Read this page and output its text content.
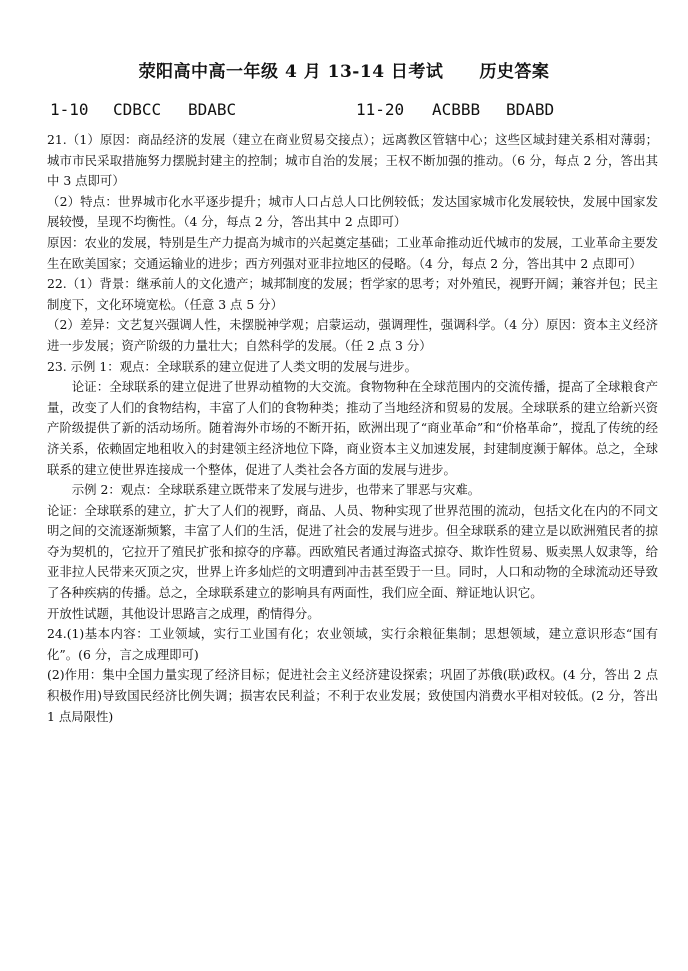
荥阳高中高一年级 4 月 13-14 日考试 历史答案
1-10 CDBCC BDABC	11-20 ACBBB BDABD

21.（1）原因：商品经济的发展（建立在商业贸易交接点）；远离教区管辖中心；这些区域封建关系相对薄弱；城市市民采取措施努力摆脱封建主的控制；城市自治的发展；王权不断加强的推动。（6 分，每点 2 分，答出其中 3 点即可）

（2）特点：世界城市化水平逐步提升；城市人口占总人口比例较低；发达国家城市化发展较快，发展中国家发展较慢，呈现不均衡性。（4 分，每点 2 分，答出其中 2 点即可）

原因：农业的发展，特别是生产力提高为城市的兴起奠定基础；工业革命推动近代城市的发展，工业革命主要发生在欧美国家；交通运输业的进步；西方列强对亚非拉地区的侵略。（4 分，每点 2 分，答出其中 2 点即可）

22.（1）背景：继承前人的文化遗产；城邦制度的发展；哲学家的思考；对外殖民，视野开阔；兼容并包；民主制度下，文化环境宽松。（任意 3 点 5 分）

（2）差异：文艺复兴强调人性，未摆脱神学观；启蒙运动，强调理性，强调科学。（4 分）原因：资本主义经济进一步发展；资产阶级的力量壮大；自然科学的发展。（任 2 点 3 分）

23. 示例 1：观点：全球联系的建立促进了人类文明的发展与进步。

论证：全球联系的建立促进了世界动植物的大交流。食物物种在全球范围内的交流传播，提高了全球粮食产量，改变了人们的食物结构，丰富了人们的食物种类；推动了当地经济和贸易的发展。全球联系的建立给新兴资产阶级提供了新的活动场所。随着海外市场的不断开拓，欧洲出现了“商业革命”和“价格革命”，搅乱了传统的经济关系，依赖固定地租收入的封建领主经济地位下降，商业资本主义加速发展，封建制度濒于解体。总之，全球联系的建立使世界连接成一个整体，促进了人类社会各方面的发展与进步。

示例 2：观点：全球联系建立既带来了发展与进步，也带来了罪恶与灾难。

论证：全球联系的建立，扩大了人们的视野，商品、人员、物种实现了世界范围的流动，包括文化在内的不同文明之间的交流逐渐频繁，丰富了人们的生活，促进了社会的发展与进步。但全球联系的建立是以欧洲殖民者的掠夺为契机的，它拉开了殖民扩张和掠夺的序幕。西欧殖民者通过海盗式掠夺、欺诈性贸易、贩卖黑人奴隶等，给亚非拉人民带来灭顶之灾，世界上许多灿烂的文明遭到冲击甚至毁于一旦。同时，人口和动物的全球流动还导致了各种疾病的传播。总之，全球联系建立的影响具有两面性，我们应全面、辩证地认识它。

开放性试题，其他设计思路言之成理，酌情得分。

24.(1)基本内容：工业领域，实行工业国有化；农业领域，实行余粮征集制；思想领域，建立意识形态“国有化”。(6 分，言之成理即可)

(2)作用：集中全国力量实现了经济目标；促进社会主义经济建设探索；巩固了苏俄(联)政权。(4 分，答出 2 点积极作用)导致国民经济比例失调；损害农民利益；不利于农业发展；致使国内消费水平相对较低。(2 分，答出 1 点局限性)
